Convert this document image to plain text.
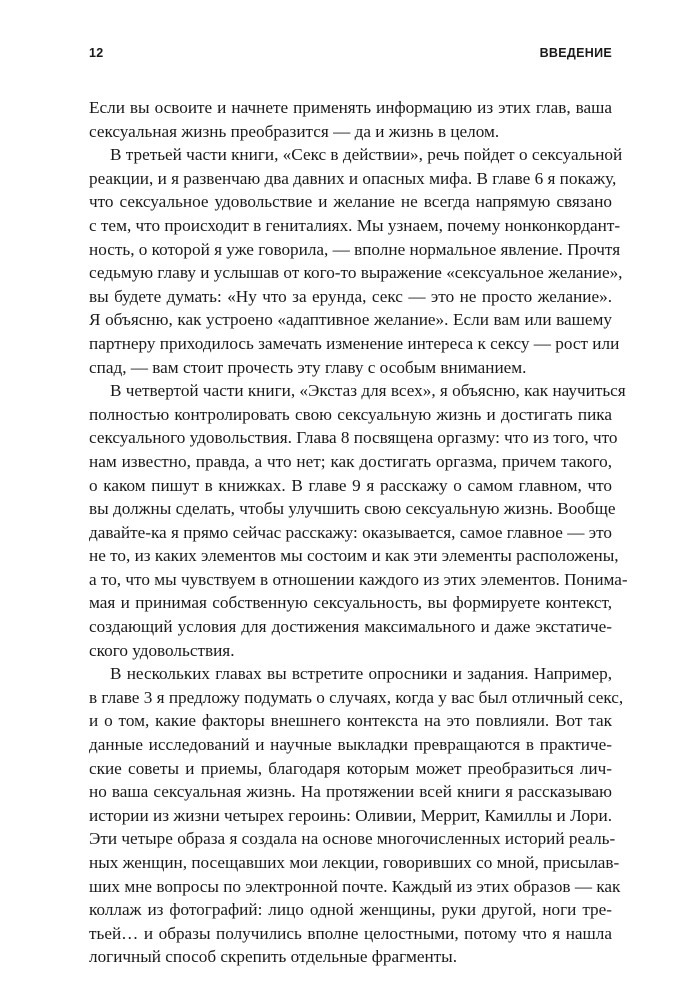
12	ВВЕДЕНИЕ

Если вы освоите и начнете применять информацию из этих глав, ваша
сексуальная жизнь преобразится — да и жизнь в целом.

В третьей части книги, «Секс в действии», речь пойдет о сексуальной
реакции, и я развенчаю два давних и опасных мифа. В главе 6 я покажу,
что сексуальное удовольствие и желание не всегда напрямую связано
с тем, что происходит в гениталиях. Мы узнаем, почему нонконкордант-
ность, о которой я уже говорила, — вполне нормальное явление. Прочтя
седьмую главу и услышав от кого-то выражение «сексуальное желание»,
вы будете думать: «Ну что за ерунда, секс — это не просто желание».
Я объясню, как устроено «адаптивное желание». Если вам или вашему
партнеру приходилось замечать изменение интереса к сексу — рост или
спад, — вам стоит прочесть эту главу с особым вниманием.

В четвертой части книги, «Экстаз для всех», я объясню, как научиться
полностью контролировать свою сексуальную жизнь и достигать пика
сексуального удовольствия. Глава 8 посвящена оргазму: что из того, что
нам известно, правда, а что нет; как достигать оргазма, причем такого,
о каком пишут в книжках. В главе 9 я расскажу о самом главном, что
вы должны сделать, чтобы улучшить свою сексуальную жизнь. Вообще
давайте-ка я прямо сейчас расскажу: оказывается, самое главное — это
не то, из каких элементов мы состоим и как эти элементы расположены,
а то, что мы чувствуем в отношении каждого из этих элементов. Понима-
мая и принимая собственную сексуальность, вы формируете контекст,
создающий условия для достижения максимального и даже экстатиче-
ского удовольствия.

В нескольких главах вы встретите опросники и задания. Например,
в главе 3 я предложу подумать о случаях, когда у вас был отличный секс,
и о том, какие факторы внешнего контекста на это повлияли. Вот так
данные исследований и научные выкладки превращаются в практиче-
ские советы и приемы, благодаря которым может преобразиться лич-
но ваша сексуальная жизнь. На протяжении всей книги я рассказываю
истории из жизни четырех героинь: Оливии, Меррит, Камиллы и Лори.
Эти четыре образа я создала на основе многочисленных историй реаль-
ных женщин, посещавших мои лекции, говоривших со мной, присылав-
ших мне вопросы по электронной почте. Каждый из этих образов — как
коллаж из фотографий: лицо одной женщины, руки другой, ноги тре-
тьей… и образы получились вполне целостными, потому что я нашла
логичный способ скрепить отдельные фрагменты.
